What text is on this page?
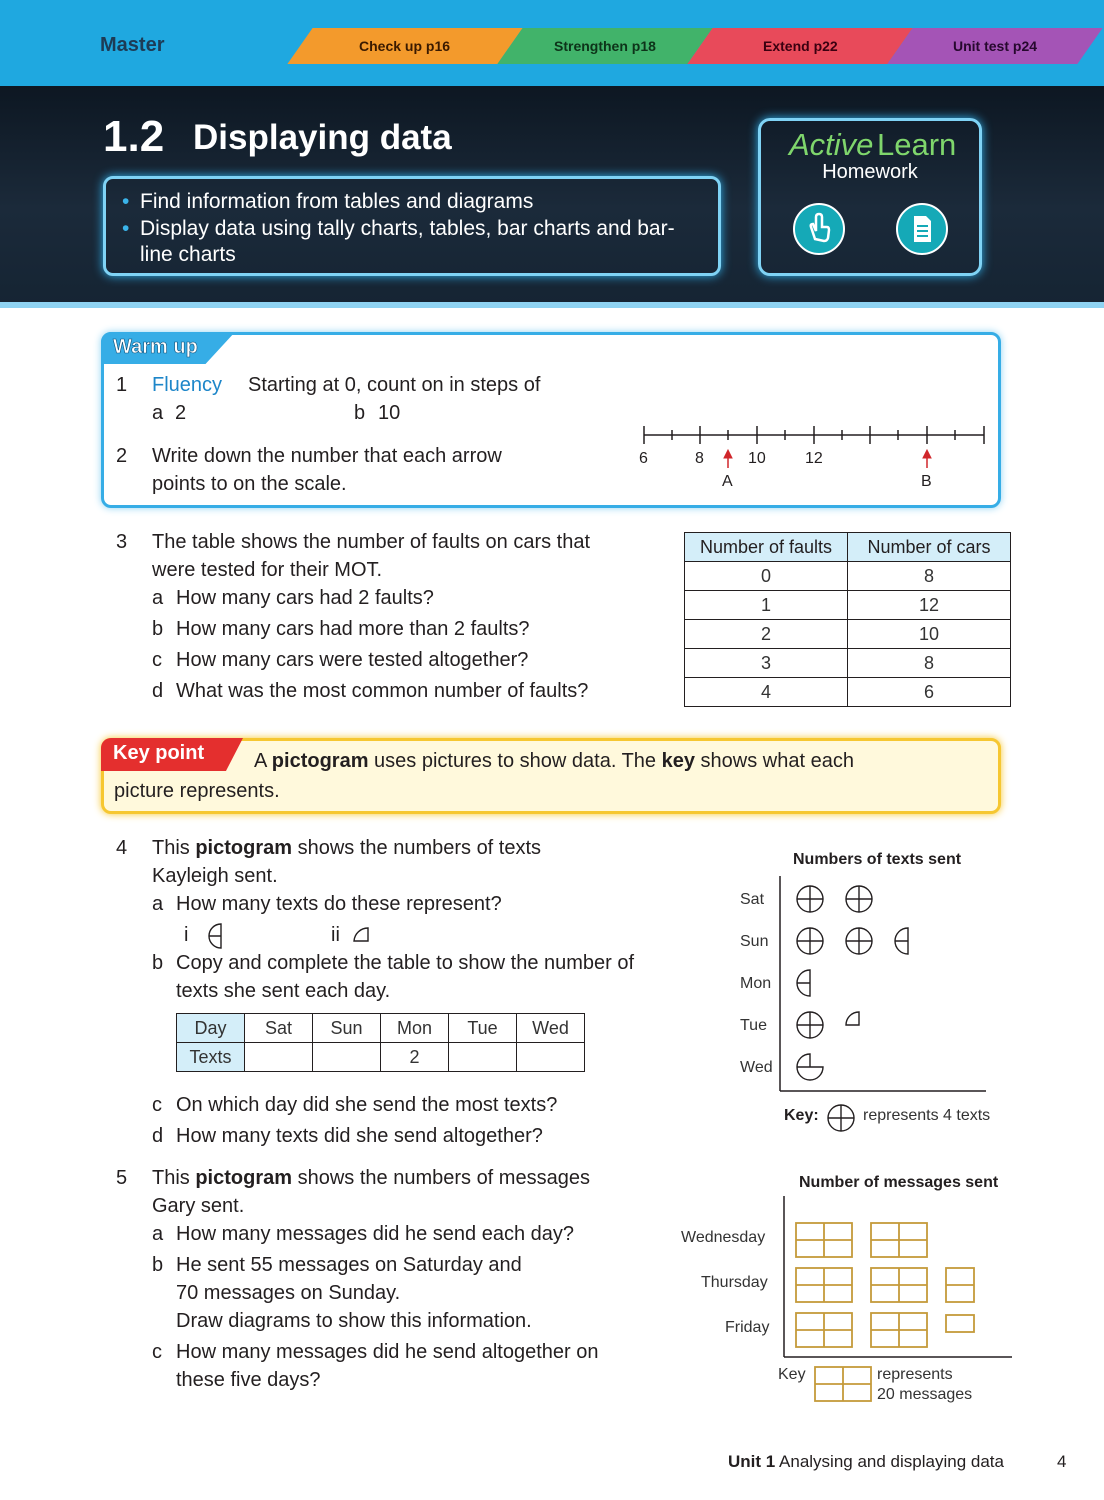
Master	Check up p16	Strengthen p18	Extend p22	Unit test p24
1.2 Displaying data
• Find information from tables and diagrams
• Display data using tally charts, tables, bar charts and bar-line charts
Active Learn
Homework
Warm up
1 Fluency Starting at 0, count on in steps of
a 2	b 10
2 Write down the number that each arrow
points to on the scale.
6	8	10 12
A	B
3 The table shows the number of faults on cars that
were tested for their MOT.
a How many cars had 2 faults?
b How many cars had more than 2 faults?
c How many cars were tested altogether?
d What was the most common number of faults?
Number of faults	Number of cars
0	8
1	12
2	10
3	8
4	6
Key point A pictogram uses pictures to show data. The key shows what each
picture represents.
4 This pictogram shows the numbers of texts
Kayleigh sent.
a How many texts do these represent?
i	ii
b Copy and complete the table to show the number of
texts she sent each day.
Day	Sat	Sun	Mon	Tue	Wed
Texts			2		
c On which day did she send the most texts?
d How many texts did she send altogether?
Numbers of texts sent
Sat
Sun
Mon
Tue
Wed
Key:	represents 4 texts
5 This pictogram shows the numbers of messages
Gary sent.
a How many messages did he send each day?
b He sent 55 messages on Saturday and
70 messages on Sunday.
Draw diagrams to show this information.
c How many messages did he send altogether on
these five days?
Number of messages sent
Wednesday
Thursday
Friday
Key	represents
20 messages
Unit 1 Analysing and displaying data	4
